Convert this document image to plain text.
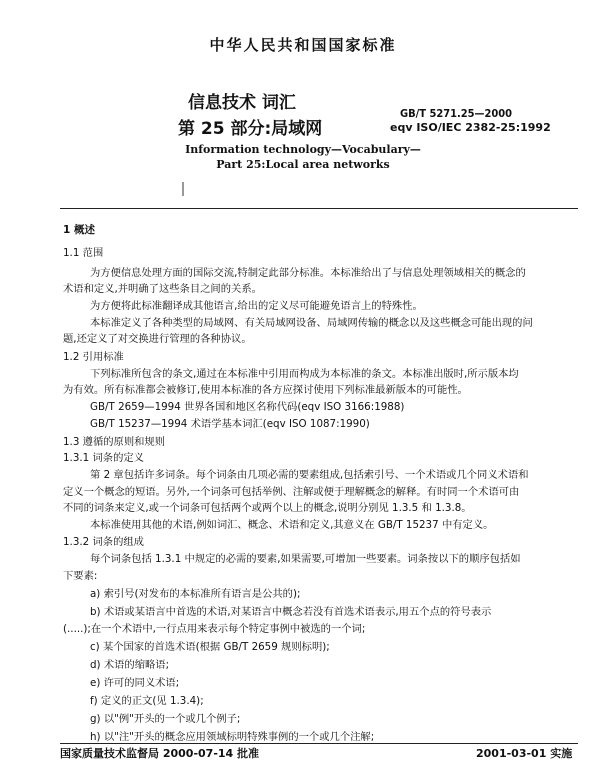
中华人民共和国国家标准
信息技术 词汇
第 25 部分:局域网
GB/T 5271.25—2000
eqv ISO/IEC 2382-25:1992
Information technology—Vocabulary—
Part 25:Local area networks
1 概述
1.1 范围
为方便信息处理方面的国际交流,特制定此部分标准。本标准给出了与信息处理领域相关的概念的
术语和定义,并明确了这些条目之间的关系。
为方便将此标准翻译成其他语言,给出的定义尽可能避免语言上的特殊性。
本标准定义了各种类型的局域网、有关局域网设备、局域网传输的概念以及这些概念可能出现的问
题,还定义了对交换进行管理的各种协议。
1.2 引用标准
下列标准所包含的条文,通过在本标准中引用而构成为本标准的条文。本标准出版时,所示版本均
为有效。所有标准都会被修订,使用本标准的各方应探讨使用下列标准最新版本的可能性。
GB/T 2659—1994 世界各国和地区名称代码(eqv ISO 3166:1988)
GB/T 15237—1994 术语学基本词汇(eqv ISO 1087:1990)
1.3 遵循的原则和规则
1.3.1 词条的定义
第 2 章包括许多词条。每个词条由几项必需的要素组成,包括索引号、一个术语或几个同义术语和
定义一个概念的短语。另外,一个词条可包括举例、注解或便于理解概念的解释。有时同一个术语可由
不同的词条来定义,或一个词条可包括两个或两个以上的概念,说明分别见 1.3.5 和 1.3.8。
本标准使用其他的术语,例如词汇、概念、术语和定义,其意义在 GB/T 15237 中有定义。
1.3.2 词条的组成
每个词条包括 1.3.1 中规定的必需的要素,如果需要,可增加一些要素。词条按以下的顺序包括如
下要素:
a) 索引号(对发布的本标准所有语言是公共的);
b) 术语或某语言中首选的术语,对某语言中概念若没有首选术语表示,用五个点的符号表示
(.....);在一个术语中,一行点用来表示每个特定事例中被选的一个词;
c) 某个国家的首选术语(根据 GB/T 2659 规则标明);
d) 术语的缩略语;
e) 许可的同义术语;
f) 定义的正文(见 1.3.4);
g) 以"例"开头的一个或几个例子;
h) 以"注"开头的概念应用领域标明特殊事例的一个或几个注解;
国家质量技术监督局 2000-07-14 批准	2001-03-01 实施
